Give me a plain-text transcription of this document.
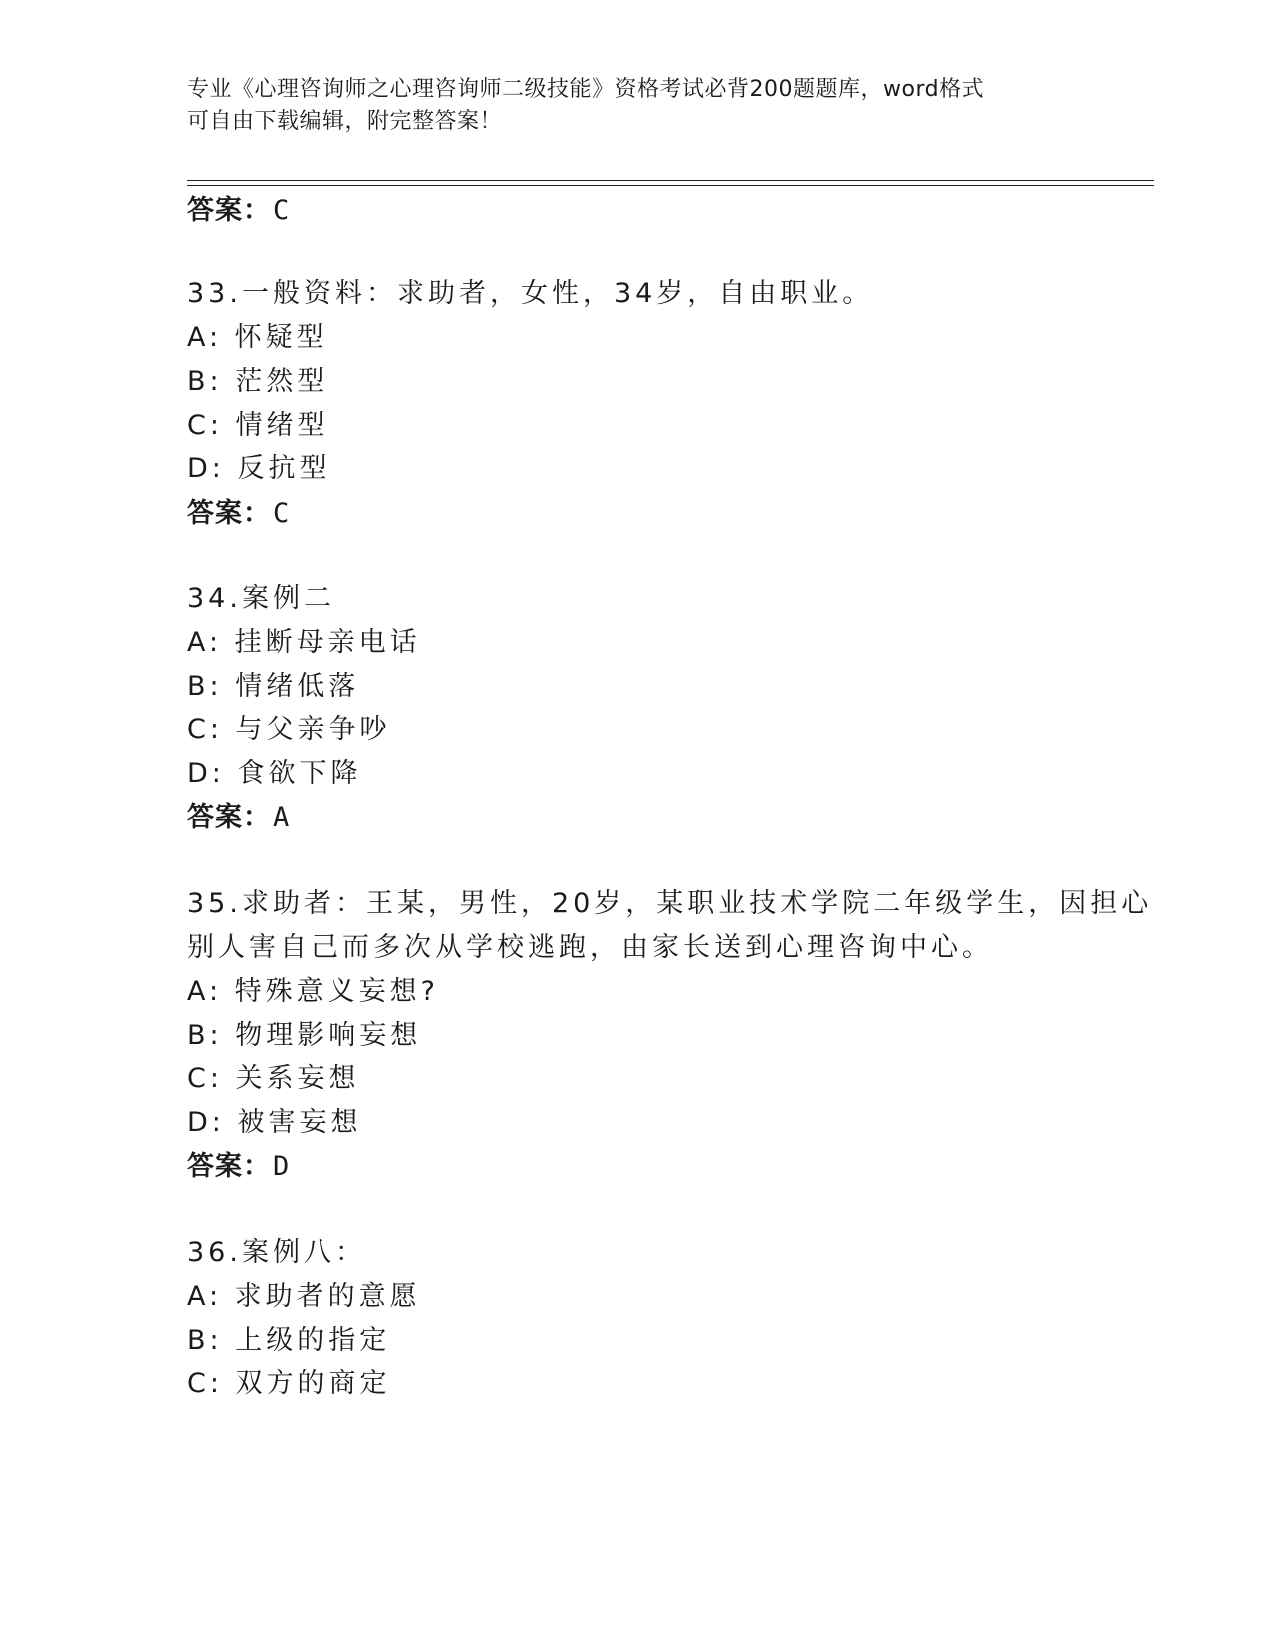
专业《心理咨询师之心理咨询师二级技能》资格考试必背200题题库，word格式
可自由下载编辑，附完整答案！
答案：C
33.一般资料：求助者，女性，34岁，自由职业。
A: 怀疑型
B: 茫然型
C: 情绪型
D: 反抗型
答案：C
34.案例二
A: 挂断母亲电话
B: 情绪低落
C: 与父亲争吵
D: 食欲下降
答案：A
35.求助者：王某，男性，20岁，某职业技术学院二年级学生，因担心
别人害自己而多次从学校逃跑，由家长送到心理咨询中心。
A: 特殊意义妄想?
B: 物理影响妄想
C: 关系妄想
D: 被害妄想
答案：D
36.案例八：
A: 求助者的意愿
B: 上级的指定
C: 双方的商定
